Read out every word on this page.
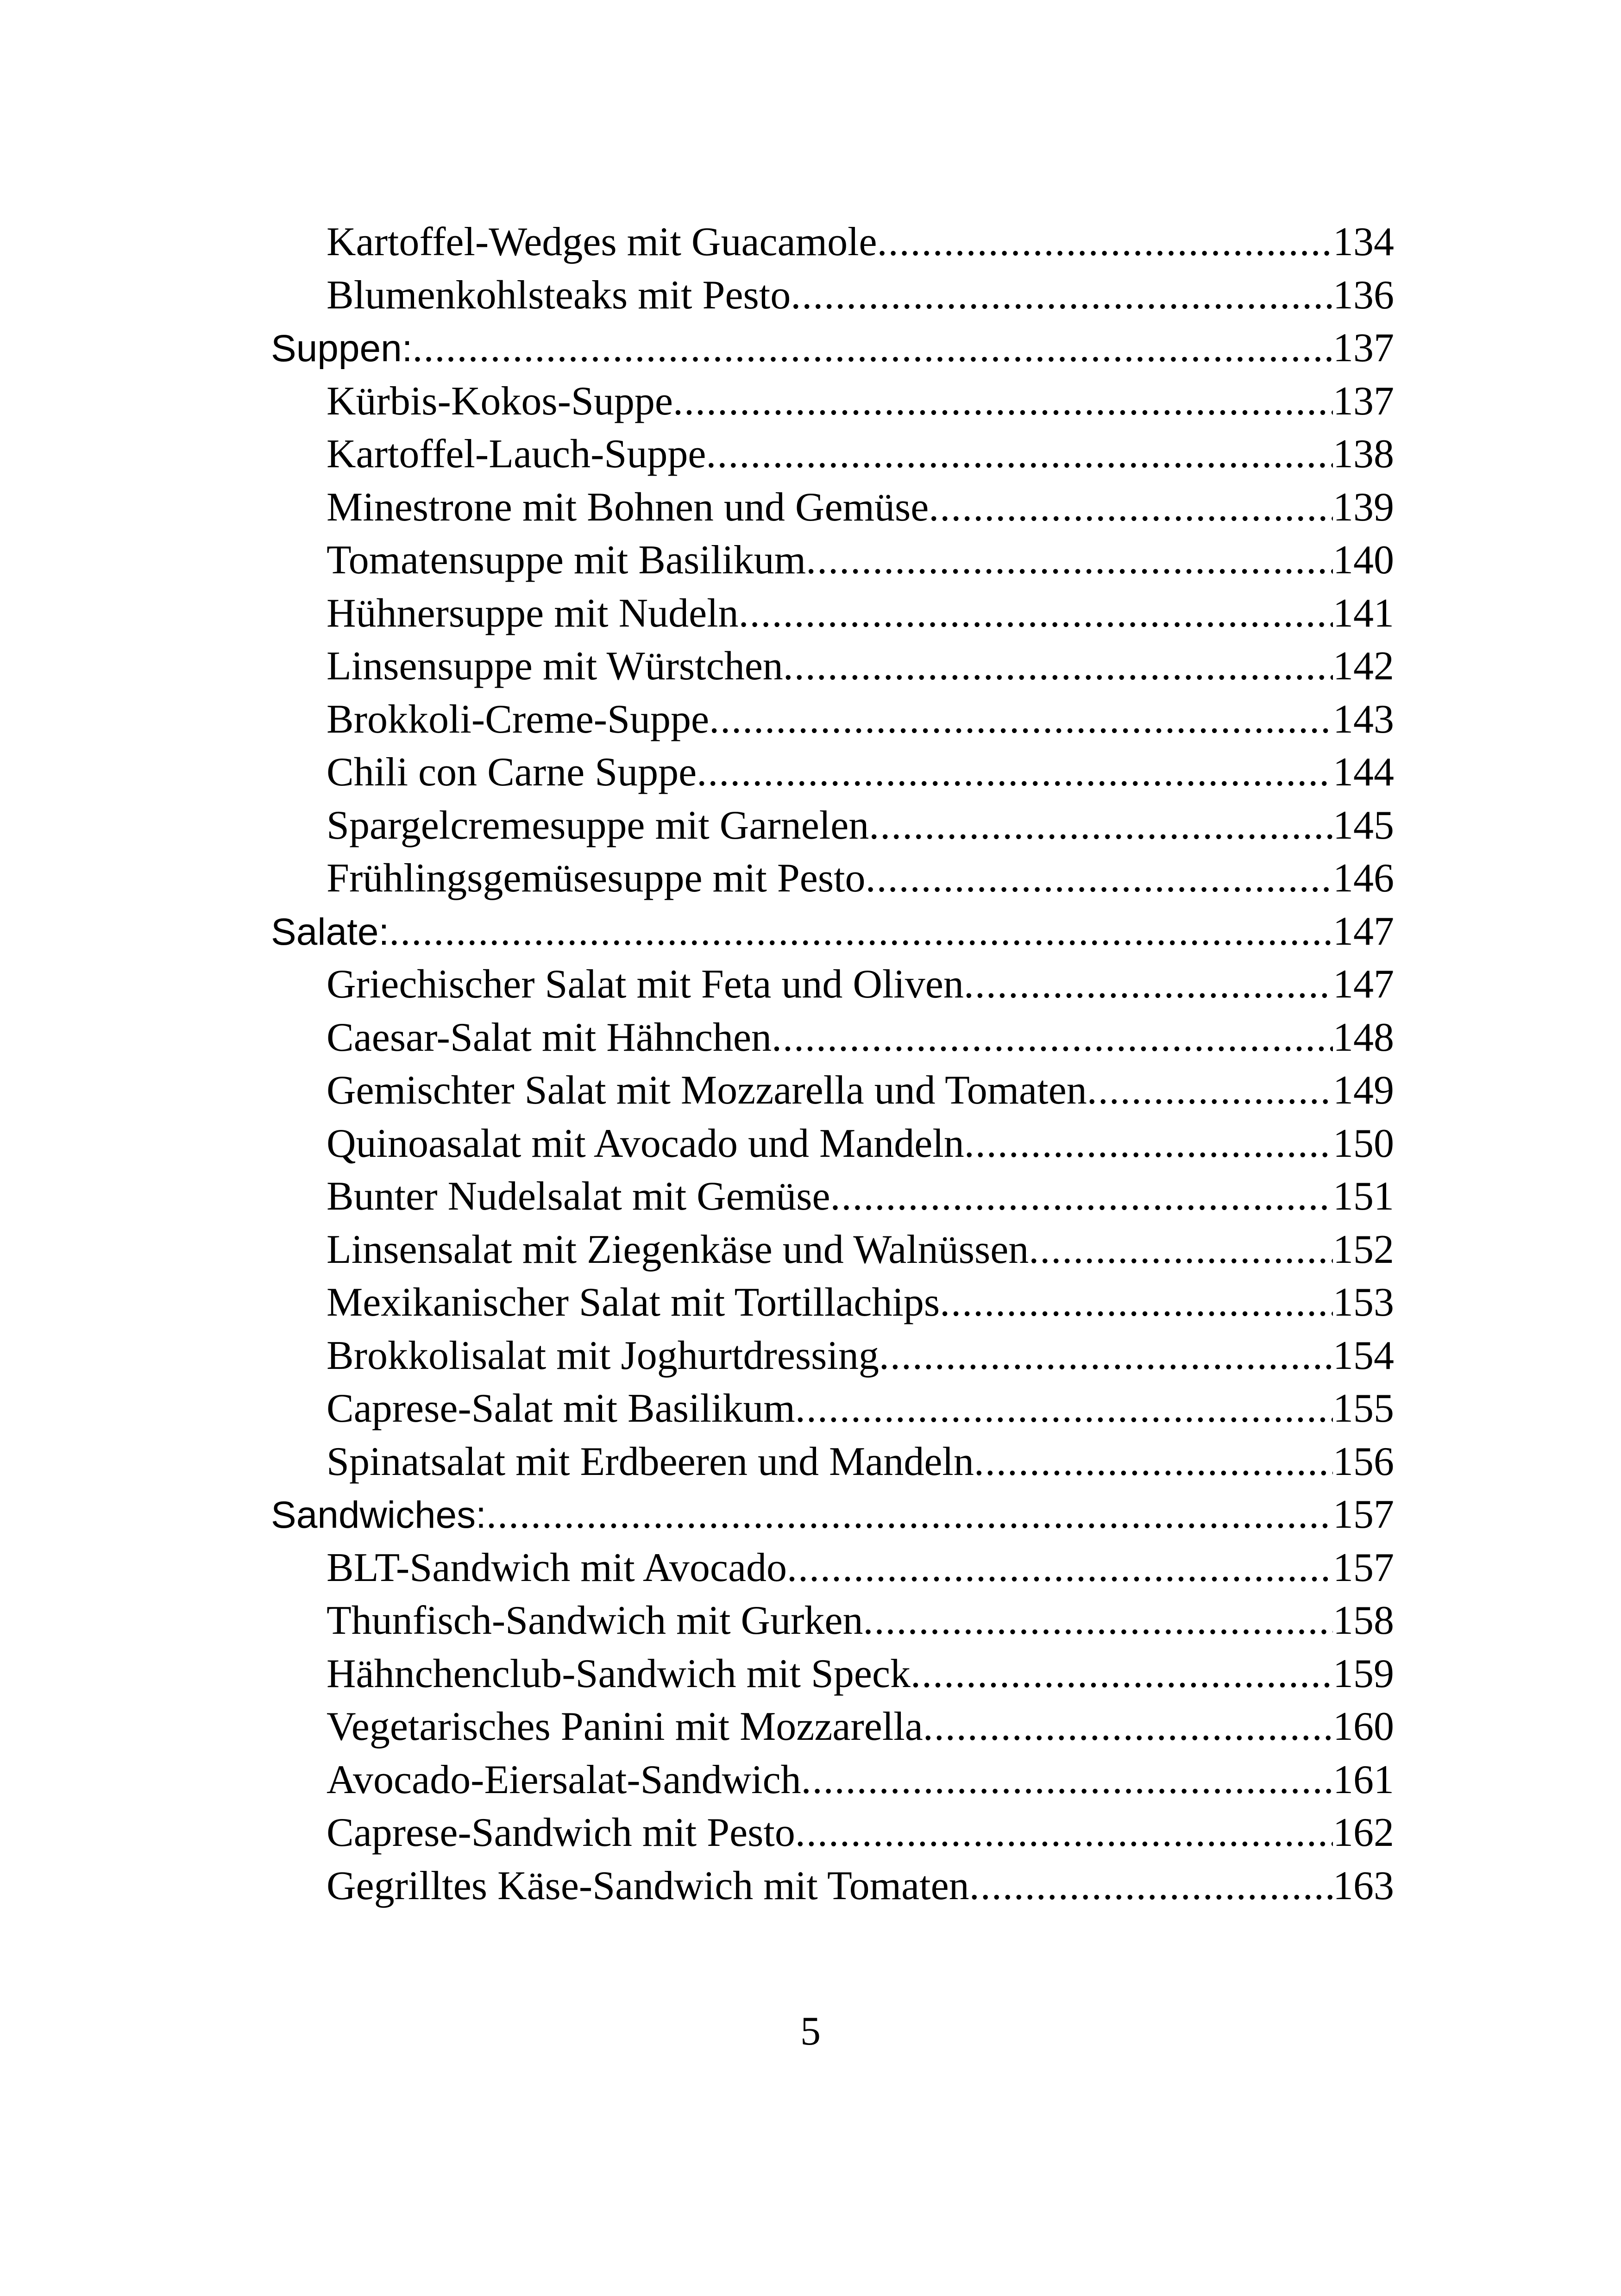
Kartoffel-Wedges mit Guacamole .....	134
Blumenkohlsteaks mit Pesto .....	136
Suppen: .....	137
Kürbis-Kokos-Suppe .....	137
Kartoffel-Lauch-Suppe .....	138
Minestrone mit Bohnen und Gemüse .....	139
Tomatensuppe mit Basilikum .....	140
Hühnersuppe mit Nudeln .....	141
Linsensuppe mit Würstchen .....	142
Brokkoli-Creme-Suppe .....	143
Chili con Carne Suppe .....	144
Spargelcremesuppe mit Garnelen .....	145
Frühlingsgemüsesuppe mit Pesto .....	146
Salate: .....	147
Griechischer Salat mit Feta und Oliven .....	147
Caesar-Salat mit Hähnchen .....	148
Gemischter Salat mit Mozzarella und Tomaten .....	149
Quinoasalat mit Avocado und Mandeln .....	150
Bunter Nudelsalat mit Gemüse .....	151
Linsensalat mit Ziegenkäse und Walnüssen .....	152
Mexikanischer Salat mit Tortillachips .....	153
Brokkolisalat mit Joghurtdressing .....	154
Caprese-Salat mit Basilikum .....	155
Spinatsalat mit Erdbeeren und Mandeln .....	156
Sandwiches: .....	157
BLT-Sandwich mit Avocado .....	157
Thunfisch-Sandwich mit Gurken .....	158
Hähnchenclub-Sandwich mit Speck .....	159
Vegetarisches Panini mit Mozzarella .....	160
Avocado-Eiersalat-Sandwich .....	161
Caprese-Sandwich mit Pesto .....	162
Gegrilltes Käse-Sandwich mit Tomaten .....	163
5
